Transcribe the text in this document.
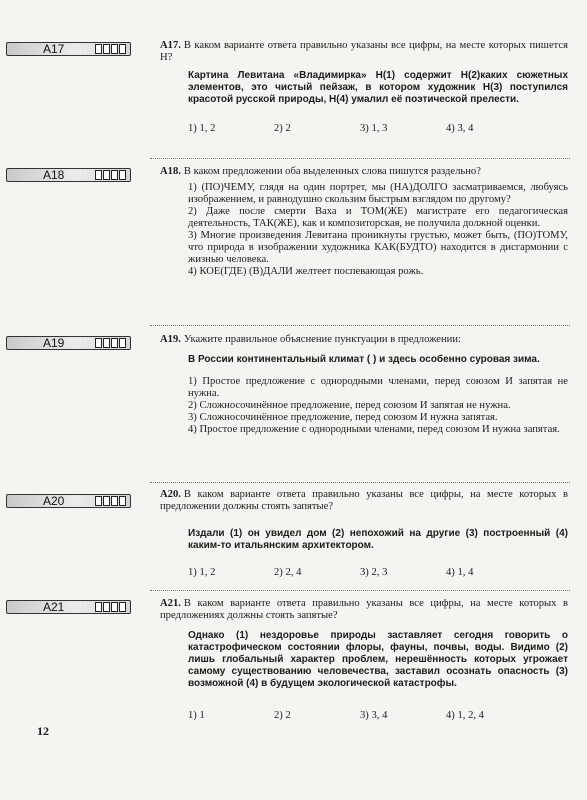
A17	A17. В каком варианте ответа правильно указаны все цифры, на месте которых пишется Н?
Картина Левитана «Владимирка» Н(1) содержит Н(2)каких сюжетных элементов, это чистый пейзаж, в котором художник Н(3) поступился красотой русской природы, Н(4) умалил её поэтической прелести.
1) 1, 2	2) 2	3) 1, 3	4) 3, 4
A18	A18. В каком предложении оба выделенных слова пишутся раздельно?

1) (ПО)ЧЕМУ, глядя на один портрет, мы (НА)ДОЛГО засматриваемся, любуясь изображением, и равнодушно скользим быстрым взглядом по другому?

2) Даже после смерти Ваха и ТОМ(ЖЕ) магистрате его педагогическая деятельность, ТАК(ЖЕ), как и композиторская, не получила должной оценки.

3) Многие произведения Левитана проникнуты грустью, может быть, (ПО)ТОМУ, что природа в изображении художника КАК(БУДТО) находится в дисгармонии с жизнью человека.

4) КОЕ(ГДЕ) (В)ДАЛИ желтеет поспевающая рожь.

A19	A19. Укажите правильное объяснение пунктуации в предложении:
В России континентальный климат ( ) и здесь особенно суровая зима.

1) Простое предложение с однородными членами, перед союзом И запятая не нужна.

2) Сложносочинённое предложение, перед союзом И запятая не нужна.

3) Сложносочинённое предложение, перед союзом И нужна запятая.

4) Простое предложение с однородными членами, перед союзом И нужна запятая.

A20	A20. В каком варианте ответа правильно указаны все цифры, на месте которых в предложении должны стоять запятые?
Издали (1) он увидел дом (2) непохожий на другие (3) построенный (4) каким-то итальянским архитектором.
1) 1, 2	2) 2, 4	3) 2, 3	4) 1, 4
A21	A21. В каком варианте ответа правильно указаны все цифры, на месте которых в предложениях должны стоять запятые?
Однако (1) нездоровье природы заставляет сегодня говорить о катастрофическом состоянии флоры, фауны, почвы, воды. Видимо (2) лишь глобальный характер проблем, нерешённость которых угрожает самому существованию человечества, заставил осознать опасность (3) возможной (4) в будущем экологической катастрофы.
1) 1	2) 2	3) 3, 4	4) 1, 2, 4
12
